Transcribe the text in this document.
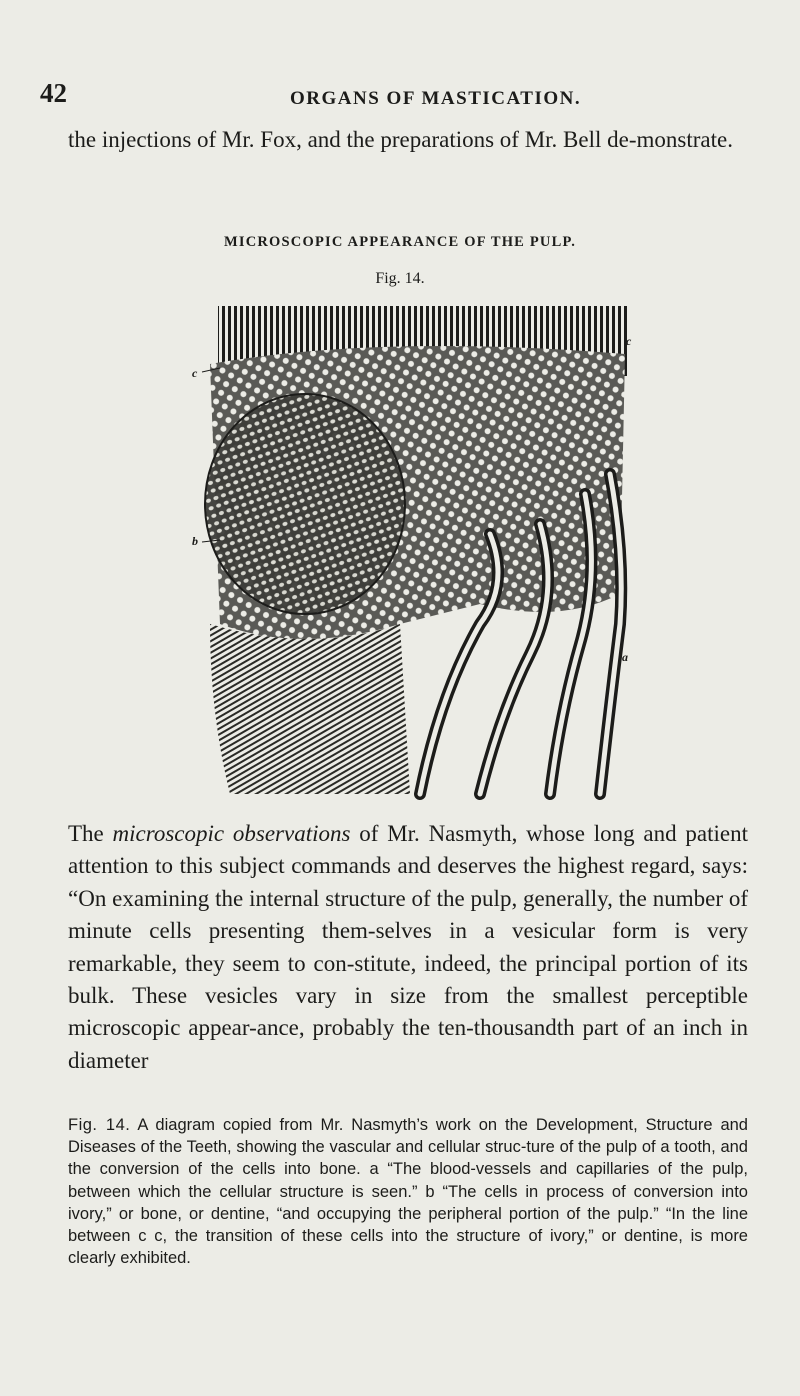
42	ORGANS OF MASTICATION.

the injections of Mr. Fox, and the preparations of Mr. Bell de-monstrate.

MICROSCOPIC APPEARANCE OF THE PULP.
Fig. 14.
c
c
b
a

The microscopic observations of Mr. Nasmyth, whose long and patient attention to this subject commands and deserves the highest regard, says: “On examining the internal structure of the pulp, generally, the number of minute cells presenting them-selves in a vesicular form is very remarkable, they seem to con-stitute, indeed, the principal portion of its bulk. These vesicles vary in size from the smallest perceptible microscopic appear-ance, probably the ten-thousandth part of an inch in diameter

Fig. 14. A diagram copied from Mr. Nasmyth’s work on the Development, Structure and Diseases of the Teeth, showing the vascular and cellular struc-ture of the pulp of a tooth, and the conversion of the cells into bone. a “The blood-vessels and capillaries of the pulp, between which the cellular structure is seen.” b “The cells in process of conversion into ivory,” or bone, or dentine, “and occupying the peripheral portion of the pulp.” “In the line between c c, the transition of these cells into the structure of ivory,” or dentine, is more clearly exhibited.
